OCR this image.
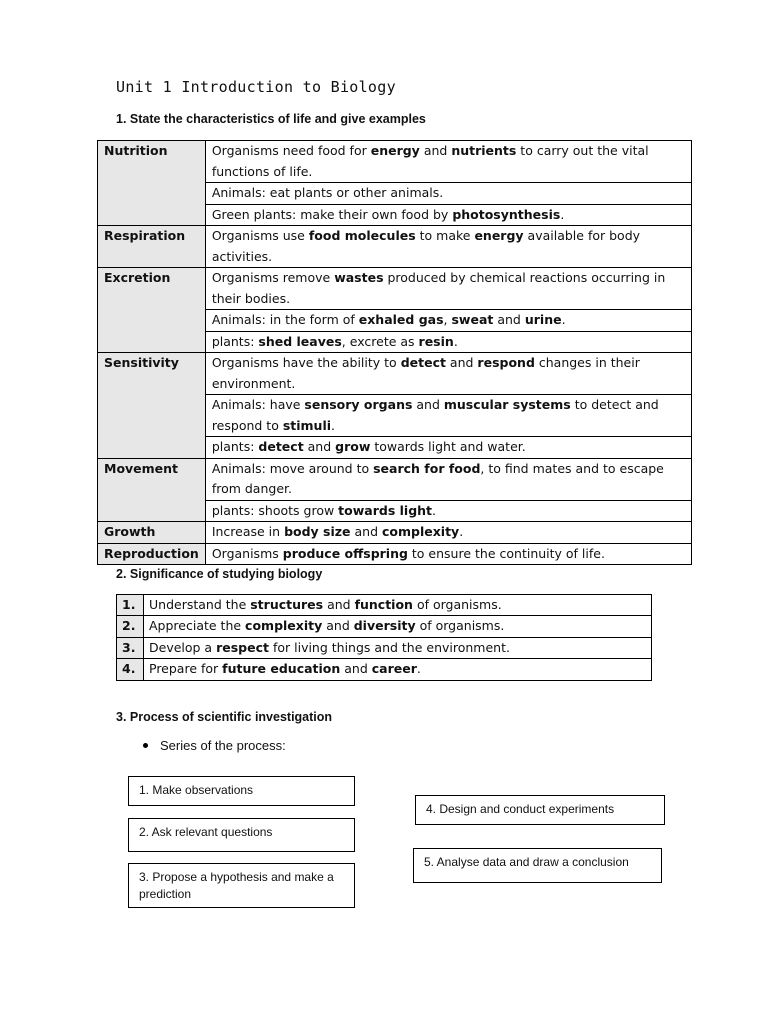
Unit 1 Introduction to Biology
1. State the characteristics of life and give examples
Nutrition	Organisms need food for energy and nutrients to carry out the vital functions of life.
	Animals: eat plants or other animals.
	Green plants: make their own food by photosynthesis.
Respiration	Organisms use food molecules to make energy available for body activities.
Excretion	Organisms remove wastes produced by chemical reactions occurring in their bodies.
	Animals: in the form of exhaled gas, sweat and urine.
	plants: shed leaves, excrete as resin.
Sensitivity	Organisms have the ability to detect and respond changes in their environment.
	Animals: have sensory organs and muscular systems to detect and respond to stimuli.
	plants: detect and grow towards light and water.
Movement	Animals: move around to search for food, to find mates and to escape from danger.
	plants: shoots grow towards light.
Growth	Increase in body size and complexity.
Reproduction	Organisms produce offspring to ensure the continuity of life.
2. Significance of studying biology
1.	Understand the structures and function of organisms.
2.	Appreciate the complexity and diversity of organisms.
3.	Develop a respect for living things and the environment.
4.	Prepare for future education and career.
3. Process of scientific investigation
Series of the process:
1. Make observations
2. Ask relevant questions
3. Propose a hypothesis and make a prediction
4. Design and conduct experiments
5. Analyse data and draw a conclusion
